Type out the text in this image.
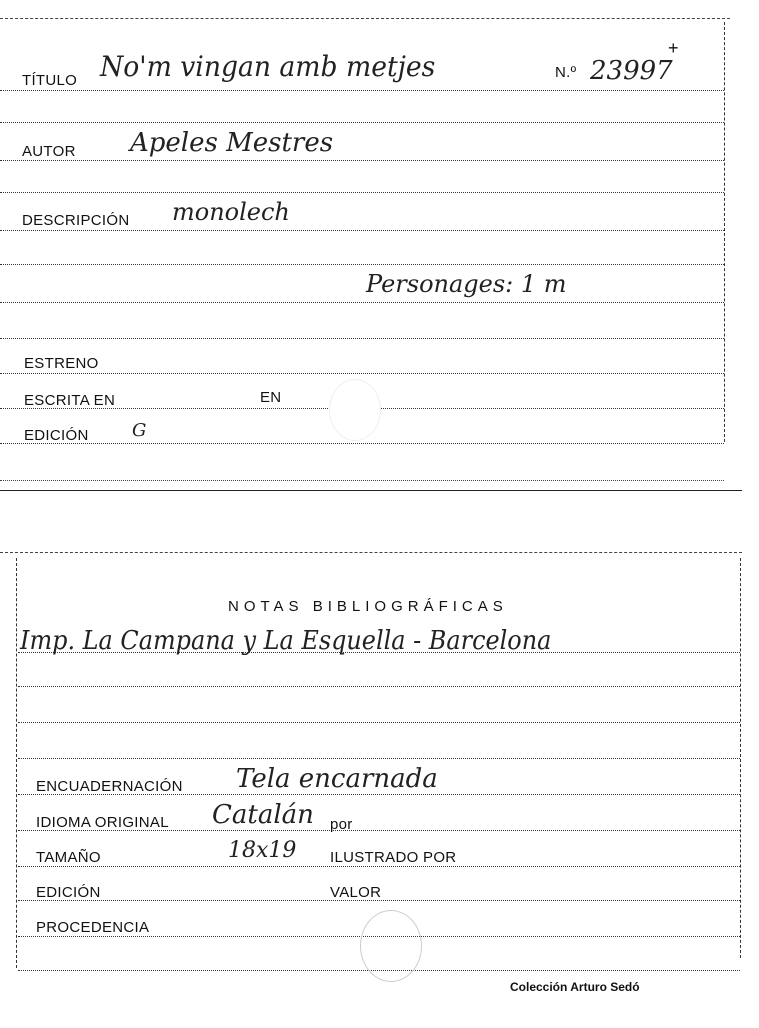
TÍTULO No'm vingan amb metjes	N.º 23997
+
AUTOR Apeles Mestres
DESCRIPCIÓN monolech
Personages: 1 m
ESTRENO
ESCRITA EN	EN
EDICIÓN G
NOTAS BIBLIOGRÁFICAS
Imp. La Campana y La Esquella - Barcelona
ENCUADERNACIÓN Tela encarnada
IDIOMA ORIGINAL Catalán por
TAMAÑO	18x19 ILUSTRADO POR
EDICIÓN	VALOR
PROCEDENCIA
Colección Arturo Sedó
